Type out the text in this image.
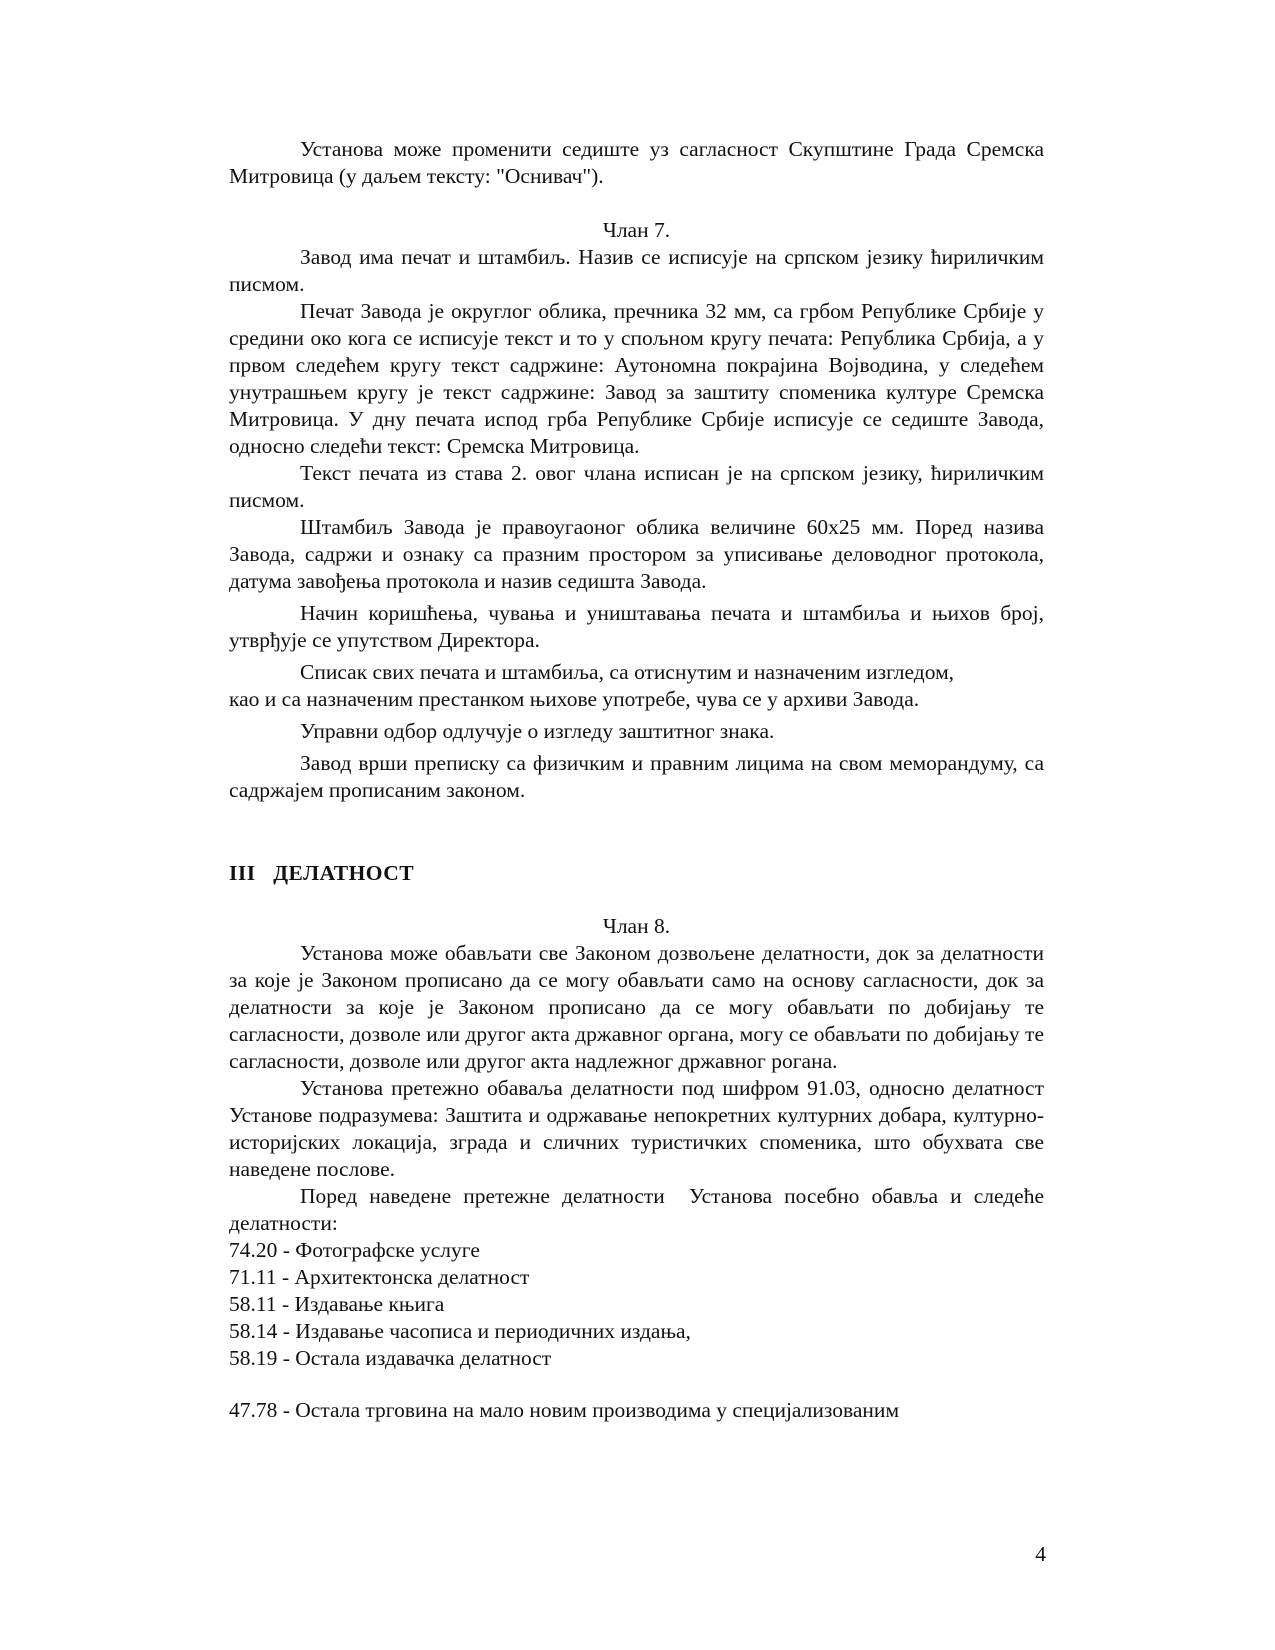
Установа може променити седиште уз сагласност Скупштине Града Сремска Митровица (у даљем тексту: "Оснивач").

Члан 7.

Завод има печат и штамбиљ. Назив се исписује на српском језику ћириличким писмом.

Печат Завода је округлог облика, пречника 32 мм, са грбом Републике Србије у средини око кога се исписује текст и то у спољном кругу печата: Република Србија, а у првом следећем кругу текст садржине: Аутономна покрајина Војводина, у следећем унутрашњем кругу је текст садржине: Завод за заштиту споменика културе Сремска Митровица. У дну печата испод грба Републике Србије исписује се седиште Завода, односно следећи текст: Сремска Митровица.

Текст печата из става 2. овог члана исписан је на српском језику, ћириличким писмом.

Штамбиљ Завода је правоугаоног облика величине 60х25 мм. Поред назива Завода, садржи и ознаку са празним простором за уписивање деловодног протокола, датума завођења протокола и назив седишта Завода.

Начин коришћења, чувања и уништавања печата и штамбиља и њихов број, утврђује се упутством Директора.

Списак свих печата и штамбиља, са отиснутим и назначеним изгледом,

као и са назначеним престанком њихове употребе, чува се у архиви Завода.

Управни одбор одлучује о изгледу заштитног знака.

Завод врши преписку са физичким и правним лицима на свом меморандуму, са садржајем прописаним законом.

III   ДЕЛАТНОСТ

Члан 8.

Установа може обављати све Законом дозвољене делатности, док за делатности за које је Законом прописано да се могу обављати само на основу сагласности, док за делатности за које је Законом прописано да се могу обављати по добијању те сагласности, дозволе или другог акта државног органа, могу се обављати по добијању те сагласности, дозволе или другог акта надлежног државног рогана.

Установа претежно обаваља делатности под шифром 91.03, односно делатност Установе подразумева: Заштита и одржавање непокретних културних добара, културно-историјских локација, зграда и сличних туристичких споменика, што обухвата све наведене послове.

Поред наведене претежне делатности  Установа посебно обавља и следеће делатности:

74.20 - Фотографске услуге
71.11 - Архитектонска делатност
58.11 - Издавање књига
58.14 - Издавање часописа и периодичних издања,
58.19 - Остала издавачка делатност

47.78 - Остала трговина на мало новим производима у специјализованим

4
